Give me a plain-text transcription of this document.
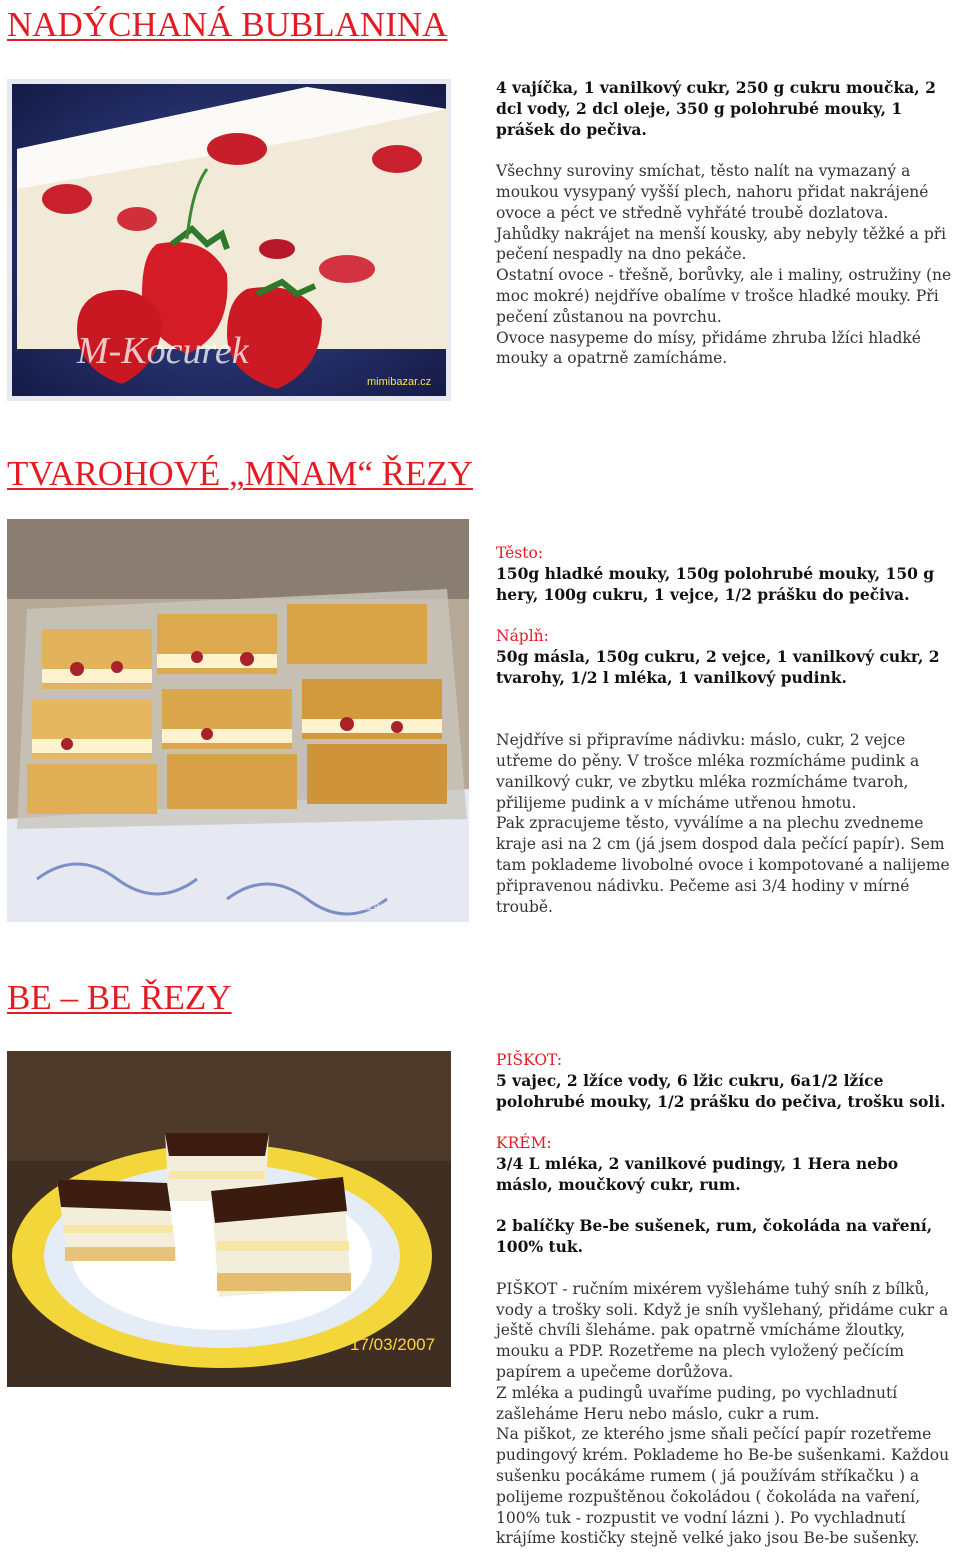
NADÝCHANÁ BUBLANINA
M-Kocurek
mimibazar.cz

4 vajíčka, 1 vanilkový cukr, 250 g cukru moučka, 2 dcl vody, 2 dcl oleje, 350 g polohrubé mouky, 1 prášek do pečiva.

Všechny suroviny smíchat, těsto nalít na vymazaný a moukou vysypaný vyšší plech, nahoru přidat nakrájené ovoce a péct ve středně vyhřáté troubě dozlatova.

Jahůdky nakrájet na menší kousky, aby nebyly těžké a při pečení nespadly na dno pekáče.

Ostatní ovoce - třešně, borůvky, ale i maliny, ostružiny (ne moc mokré) nejdříve obalíme v trošce hladké mouky. Při pečení zůstanou na povrchu.

Ovoce nasypeme do mísy, přidáme zhruba lžíci hladké mouky a opatrně zamícháme.

TVAROHOVÉ „MŇAM“ ŘEZY
mimibazar.cz

Těsto:

150g hladké mouky, 150g polohrubé mouky, 150 g hery, 100g cukru, 1 vejce, 1/2 prášku do pečiva.

Náplň:

50g másla, 150g cukru, 2 vejce, 1 vanilkový cukr, 2 tvarohy, 1/2 l mléka, 1 vanilkový pudink.

Nejdříve si připravíme nádivku: máslo, cukr, 2 vejce utřeme do pěny. V trošce mléka rozmícháme pudink a vanilkový cukr, ve zbytku mléka rozmícháme tvaroh, přilijeme pudink a v mícháme utřenou hmotu.

Pak zpracujeme těsto, vyválíme a na plechu zvedneme kraje asi na 2 cm (já jsem dospod dala pečící papír). Sem tam poklademe livobolné ovoce i kompotované a nalijeme připravenou nádivku. Pečeme asi 3/4 hodiny v mírné troubě.

BE – BE ŘEZY
17/03/2007

PIŠKOT:

5 vajec, 2 lžíce vody, 6 lžic cukru, 6a1/2 lžíce polohrubé mouky, 1/2 prášku do pečiva, trošku soli.

KRÉM:

3/4 L mléka, 2 vanilkové pudingy, 1 Hera nebo máslo, moučkový cukr, rum.

2 balíčky Be-be sušenek, rum, čokoláda na vaření, 100% tuk.

PIŠKOT - ručním mixérem vyšleháme tuhý sníh z bílků, vody a trošky soli. Když je sníh vyšlehaný, přidáme cukr a ještě chvíli šleháme. pak opatrně vmícháme žloutky, mouku a PDP. Rozetřeme na plech vyložený pečícím papírem a upečeme dorůžova.

Z mléka a pudingů uvaříme puding, po vychladnutí zašleháme Heru nebo máslo, cukr a rum.

Na piškot, ze kterého jsme sňali pečící papír rozetřeme pudingový krém. Poklademe ho Be-be sušenkami. Každou sušenku pocákáme rumem ( já používám stříkačku ) a polijeme rozpuštěnou čokoládou ( čokoláda na vaření, 100% tuk - rozpustit ve vodní lázni ). Po vychladnutí krájíme kostičky stejně velké jako jsou Be-be sušenky.
